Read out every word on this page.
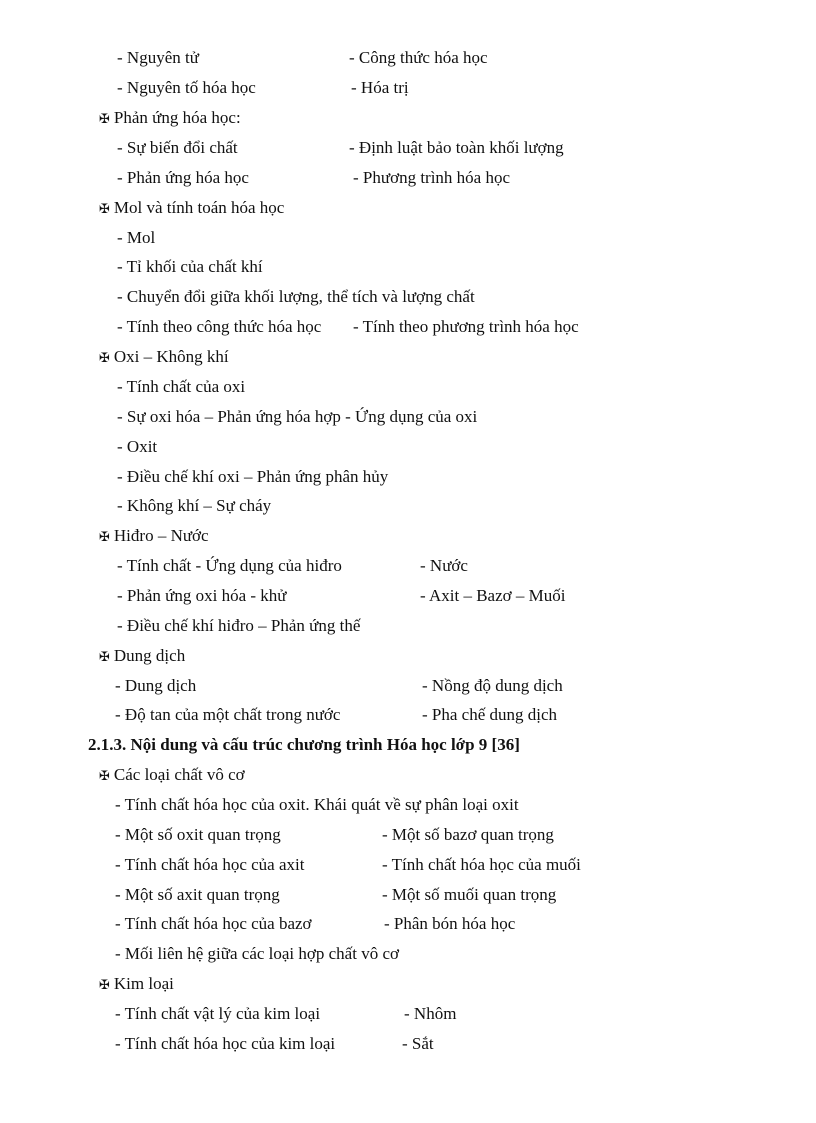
- Nguyên tử	- Công thức hóa học
- Nguyên tố hóa học	- Hóa trị
✠ Phản ứng hóa học:
- Sự biến đổi chất	- Định luật bảo toàn khối lượng
- Phản ứng hóa học	- Phương trình hóa học
✠ Mol và tính toán hóa học
- Mol
- Tỉ khối của chất khí
- Chuyển đổi giữa khối lượng, thể tích và lượng chất
- Tính theo công thức hóa học - Tính theo phương trình hóa học
✠ Oxi – Không khí
- Tính chất của oxi
- Sự oxi hóa – Phản ứng hóa hợp - Ứng dụng của oxi
- Oxit
- Điều chế khí oxi – Phản ứng phân hủy
- Không khí – Sự cháy
✠ Hiđro – Nước
- Tính chất - Ứng dụng của hiđro	- Nước
- Phản ứng oxi hóa - khử	- Axit – Bazơ – Muối
- Điều chế khí hiđro – Phản ứng thế
✠ Dung dịch
- Dung dịch	- Nồng độ dung dịch
- Độ tan của một chất trong nước	- Pha chế dung dịch
2.1.3. Nội dung và cấu trúc chương trình Hóa học lớp 9 [36]
✠ Các loại chất vô cơ
- Tính chất hóa học của oxit. Khái quát về sự phân loại oxit
- Một số oxit quan trọng	- Một số bazơ quan trọng
- Tính chất hóa học của axit	- Tính chất hóa học của muối
- Một số axit quan trọng	- Một số muối quan trọng
- Tính chất hóa học của bazơ	- Phân bón hóa học
- Mối liên hệ giữa các loại hợp chất vô cơ
✠ Kim loại
- Tính chất vật lý của kim loại	- Nhôm
- Tính chất hóa học của kim loại	- Sắt
